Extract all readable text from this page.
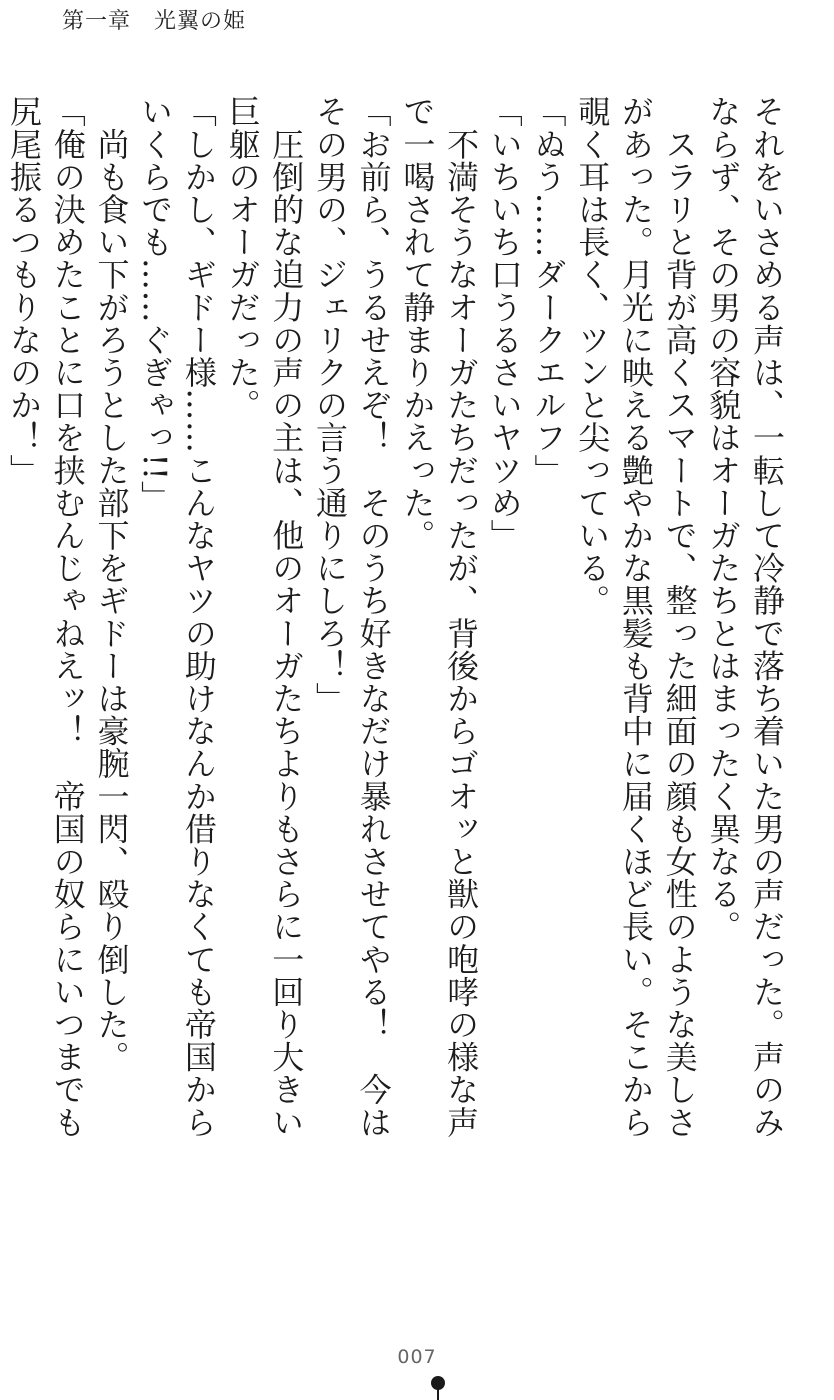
第一章　光翼の姫

それをいさめる声は、一転して冷静で落ち着いた男の声だった。声のみならず、その男の容貌はオーガたちとはまったく異なる。

　スラリと背が高くスマートで、整った細面の顔も女性のような美しさがあった。月光に映える艶やかな黒髪も背中に届くほど長い。そこから覗く耳は長く、ツンと尖っている。

「ぬう……ダークエルフ」

「いちいち口うるさいヤツめ」

　不満そうなオーガたちだったが、背後からゴオッと獣の咆哮の様な声で一喝されて静まりかえった。

「お前ら、うるせえぞ！　そのうち好きなだけ暴れさせてやる！　今はその男の、ジェリクの言う通りにしろ！」

　圧倒的な迫力の声の主は、他のオーガたちよりもさらに一回り大きい巨躯のオーガだった。

「しかし、ギドー様……こんなヤツの助けなんか借りなくても帝国からいくらでも……ぐぎゃっ!!」

　尚も食い下がろうとした部下をギドーは豪腕一閃、殴り倒した。

「俺の決めたことに口を挟むんじゃねえッ！　帝国の奴らにいつまでも尻尾振るつもりなのか！」

007
